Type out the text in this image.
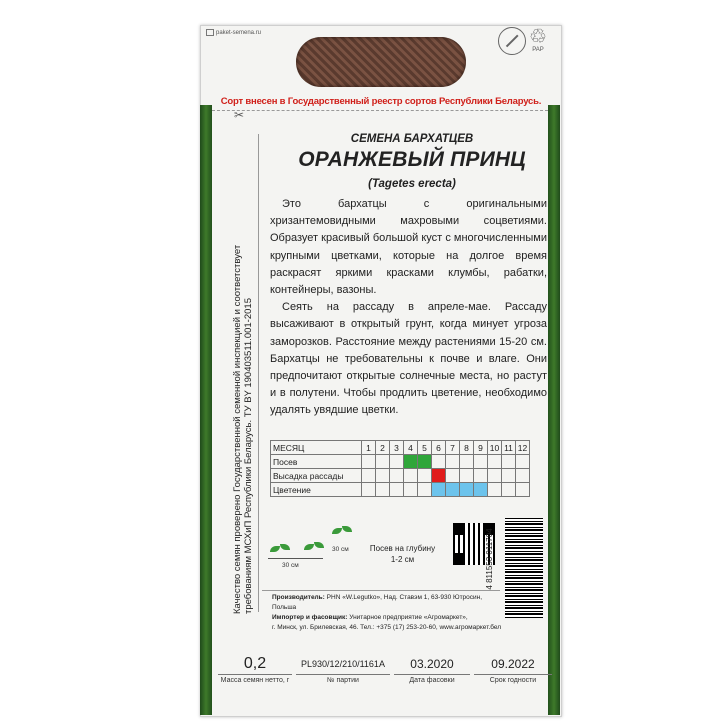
paket-semena.ru	♲
PAP
Сорт внесен в Государственный реестр сортов Республики Беларусь.
✂
Качество семян проверено Государственной семенной инспекцией и соответствует требованиям МСХиП Республики Беларусь. ТУ BY 190403511.001-2015
СЕМЕНА БАРХАТЦЕВ
ОРАНЖЕВЫЙ ПРИНЦ
(Tagetes erecta)

Это бархатцы с оригинальными хризантемовидными махровыми соцветиями. Образует красивый большой куст с многочисленными крупными цветками, которые на долгое время раскрасят яркими красками клумбы, рабатки, контейнеры, вазоны.

Сеять на рассаду в апреле-мае. Рассаду высаживают в открытый грунт, когда минует угроза заморозков. Расстояние между растениями 15-20 см. Бархатцы не требовательны к почве и влаге. Они предпочитают открытые солнечные места, но растут и в полутени. Чтобы продлить цветение, необходимо удалять увядшие цветки.

МЕСЯЦ	1	2	3	4	5	6	7	8	9	10	11	12
Посев												
Высадка рассады												
Цветение												
30 см
30 см	Посев на глубину
1-2 см	4 811553 011704
Производитель: PHN «W.Legutko», Над. Ставэм 1, 63-930 Ютросин, Польша
Импортер и фасовщик: Унитарное предприятие «Агромаркет»,
г. Минск, ул. Брилевская, 46. Тел.: +375 (17) 253-20-60, www.агромаркет.бел
0,2
Масса семян нетто, г
PL930/12/210/1161A
№ партии
03.2020
Дата фасовки
09.2022
Срок годности
